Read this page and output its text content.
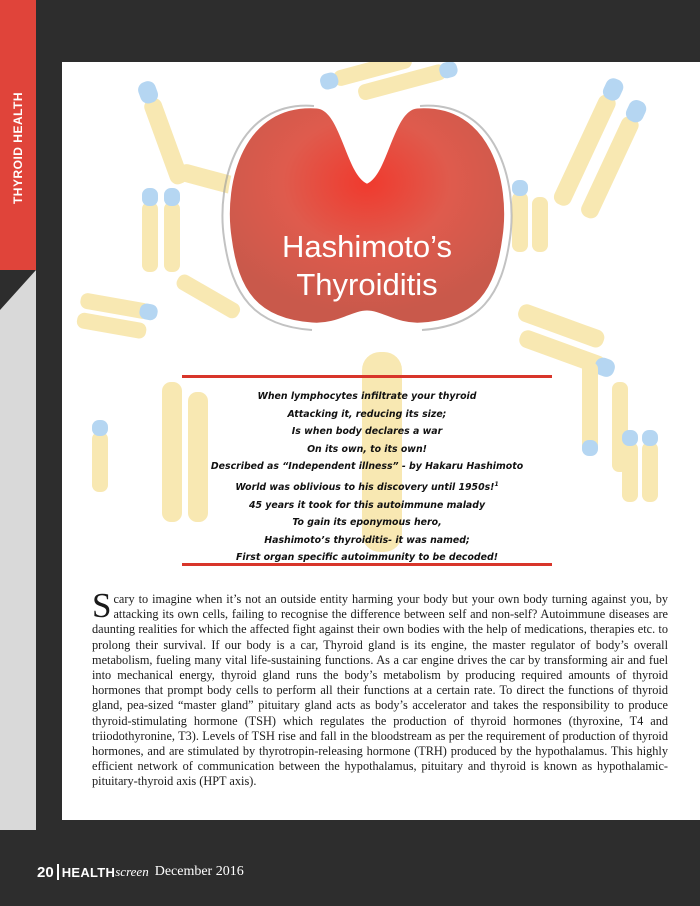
THYROID HEALTH
Hashimoto’s
Thyroiditis
When lymphocytes infiltrate your thyroid
Attacking it, reducing its size;
Is when body declares a war
On its own, to its own!
Described as “Independent illness” - by Hakaru Hashimoto
World was oblivious to his discovery until 1950s!$^1$
45 years it took for this autoimmune malady
To gain its eponymous hero,
Hashimoto’s thyroiditis- it was named;
First organ specific autoimmunity to be decoded!
Scary to imagine when it’s not an outside entity harming your body but your own body turning against you, by attacking its own cells, failing to recognise the difference between self and non-self? Autoimmune diseases are daunting realities for which the affected fight against their own bodies with the help of medications, therapies etc. to prolong their survival. If our body is a car, Thyroid gland is its engine, the master regulator of body’s overall metabolism, fueling many vital life-sustaining functions. As a car engine drives the car by transforming air and fuel into mechanical energy, thyroid gland runs the body’s metabolism by producing required amounts of thyroid hormones that prompt body cells to perform all their functions at a certain rate. To direct the functions of thyroid gland, pea-sized “master gland” pituitary gland acts as body’s accelerator and takes the responsibility to produce thyroid-stimulating hormone (TSH) which regulates the production of thyroid hormones (thyroxine, T4 and triiodothyronine, T3). Levels of TSH rise and fall in the bloodstream as per the requirement of production of thyroid hormones, and are stimulated by thyrotropin-releasing hormone (TRH) produced by the hypothalamus. This highly efficient network of communication between the hypothalamus, pituitary and thyroid is known as hypothalamic-pituitary-thyroid axis (HPT axis).
20 HEALTH screen December 2016
